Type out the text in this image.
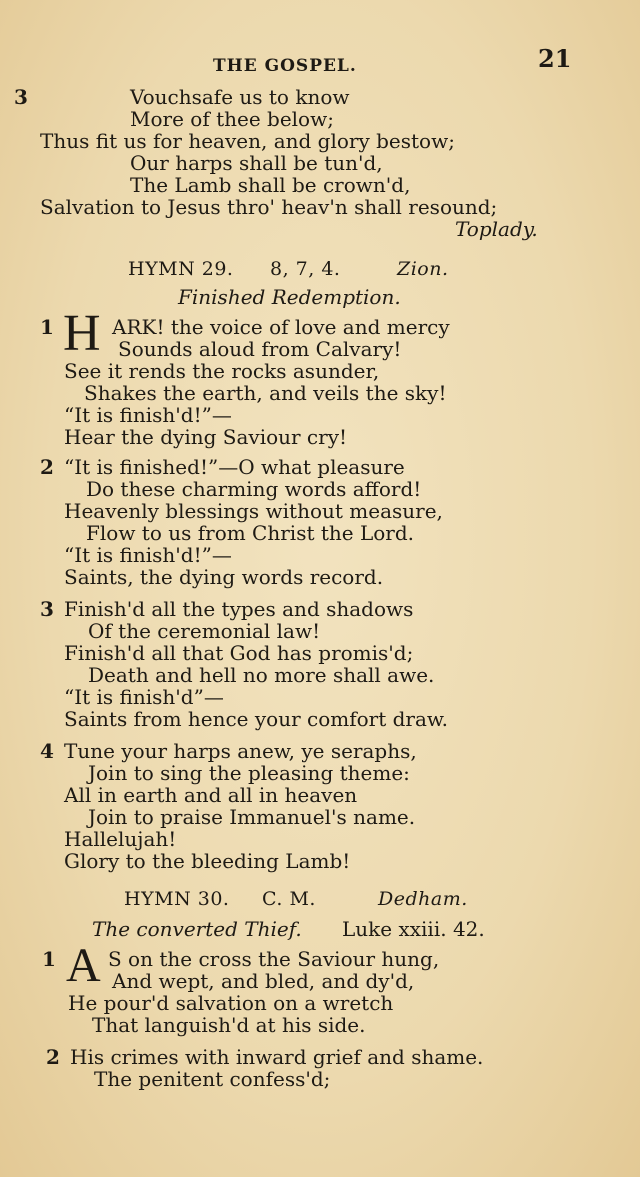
THE GOSPEL.	21
3	Vouchsafe us to know
More of thee below;
Thus fit us for heaven, and glory bestow;
Our harps shall be tun'd,
The Lamb shall be crown'd,
Salvation to Jesus thro' heav'n shall resound;
Toplady.
HYMN 29. 8, 7, 4.	Zion.
Finished Redemption.
1 H ARK! the voice of love and mercy
Sounds aloud from Calvary!
See it rends the rocks asunder,
Shakes the earth, and veils the sky!
“It is finish'd!”—
Hear the dying Saviour cry!
2 “It is finished!”—O what pleasure
Do these charming words afford!
Heavenly blessings without measure,
Flow to us from Christ the Lord.
“It is finish'd!”—
Saints, the dying words record.
3 Finish'd all the types and shadows
Of the ceremonial law!
Finish'd all that God has promis'd;
Death and hell no more shall awe.
“It is finish'd”—
Saints from hence your comfort draw.
4 Tune your harps anew, ye seraphs,
Join to sing the pleasing theme:
All in earth and all in heaven
Join to praise Immanuel's name.
Hallelujah!
Glory to the bleeding Lamb!
HYMN 30. C. M.	Dedham.
The converted Thief. Luke xxiii. 42.
1 A S on the cross the Saviour hung,
And wept, and bled, and dy'd,
He pour'd salvation on a wretch
That languish'd at his side.
2 His crimes with inward grief and shame.
The penitent confess'd;
